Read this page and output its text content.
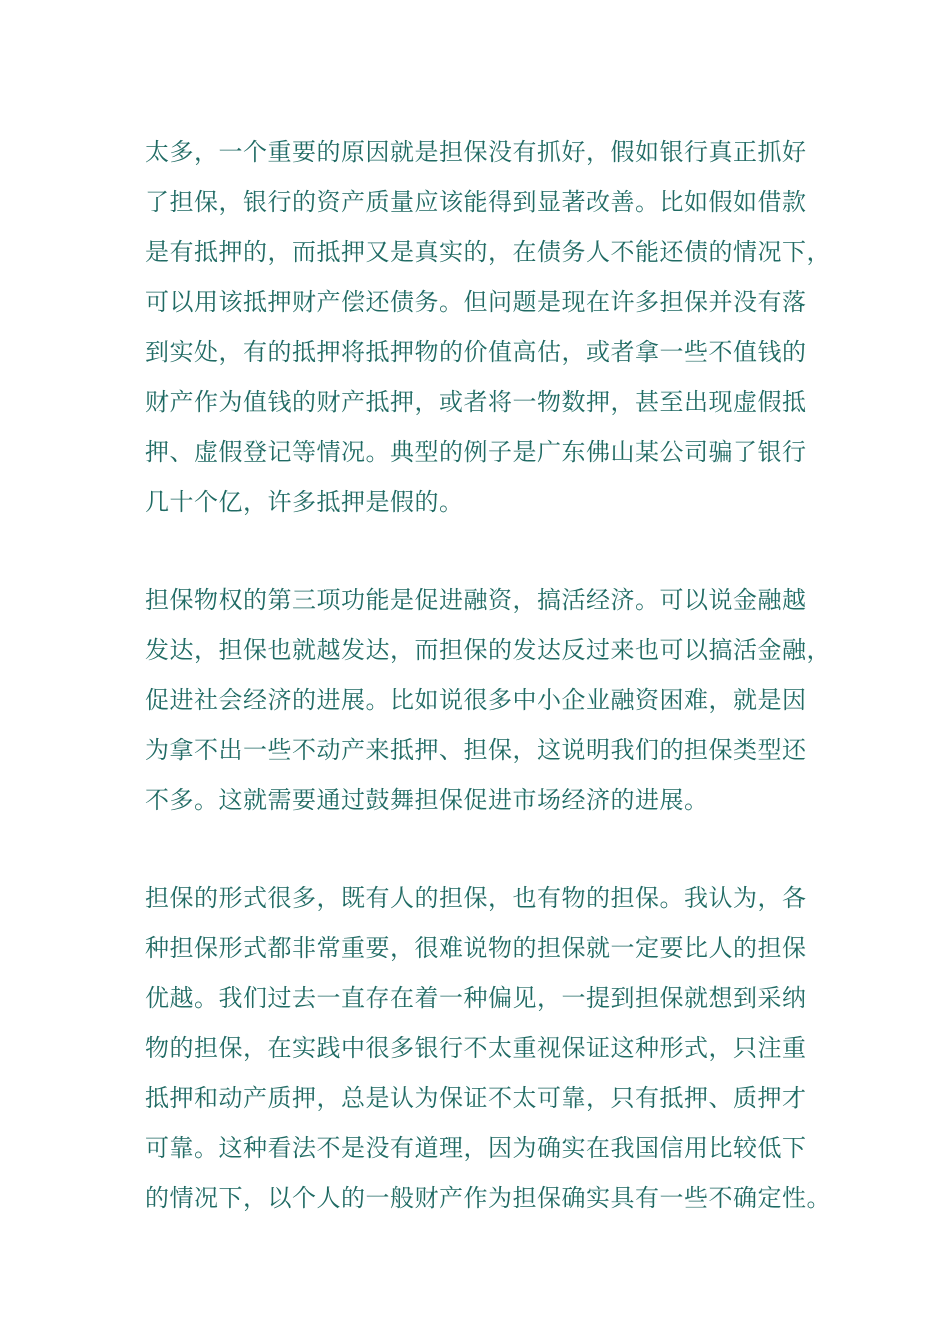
太多，一个重要的原因就是担保没有抓好，假如银行真正抓好
了担保，银行的资产质量应该能得到显著改善。比如假如借款
是有抵押的，而抵押又是真实的，在债务人不能还债的情况下，
可以用该抵押财产偿还债务。但问题是现在许多担保并没有落
到实处，有的抵押将抵押物的价值高估，或者拿一些不值钱的
财产作为值钱的财产抵押，或者将一物数押，甚至出现虚假抵
押、虚假登记等情况。典型的例子是广东佛山某公司骗了银行
几十个亿，许多抵押是假的。
担保物权的第三项功能是促进融资，搞活经济。可以说金融越
发达，担保也就越发达，而担保的发达反过来也可以搞活金融，
促进社会经济的进展。比如说很多中小企业融资困难，就是因
为拿不出一些不动产来抵押、担保，这说明我们的担保类型还
不多。这就需要通过鼓舞担保促进市场经济的进展。
担保的形式很多，既有人的担保，也有物的担保。我认为，各
种担保形式都非常重要，很难说物的担保就一定要比人的担保
优越。我们过去一直存在着一种偏见，一提到担保就想到采纳
物的担保，在实践中很多银行不太重视保证这种形式，只注重
抵押和动产质押，总是认为保证不太可靠，只有抵押、质押才
可靠。这种看法不是没有道理，因为确实在我国信用比较低下
的情况下，以个人的一般财产作为担保确实具有一些不确定性。
